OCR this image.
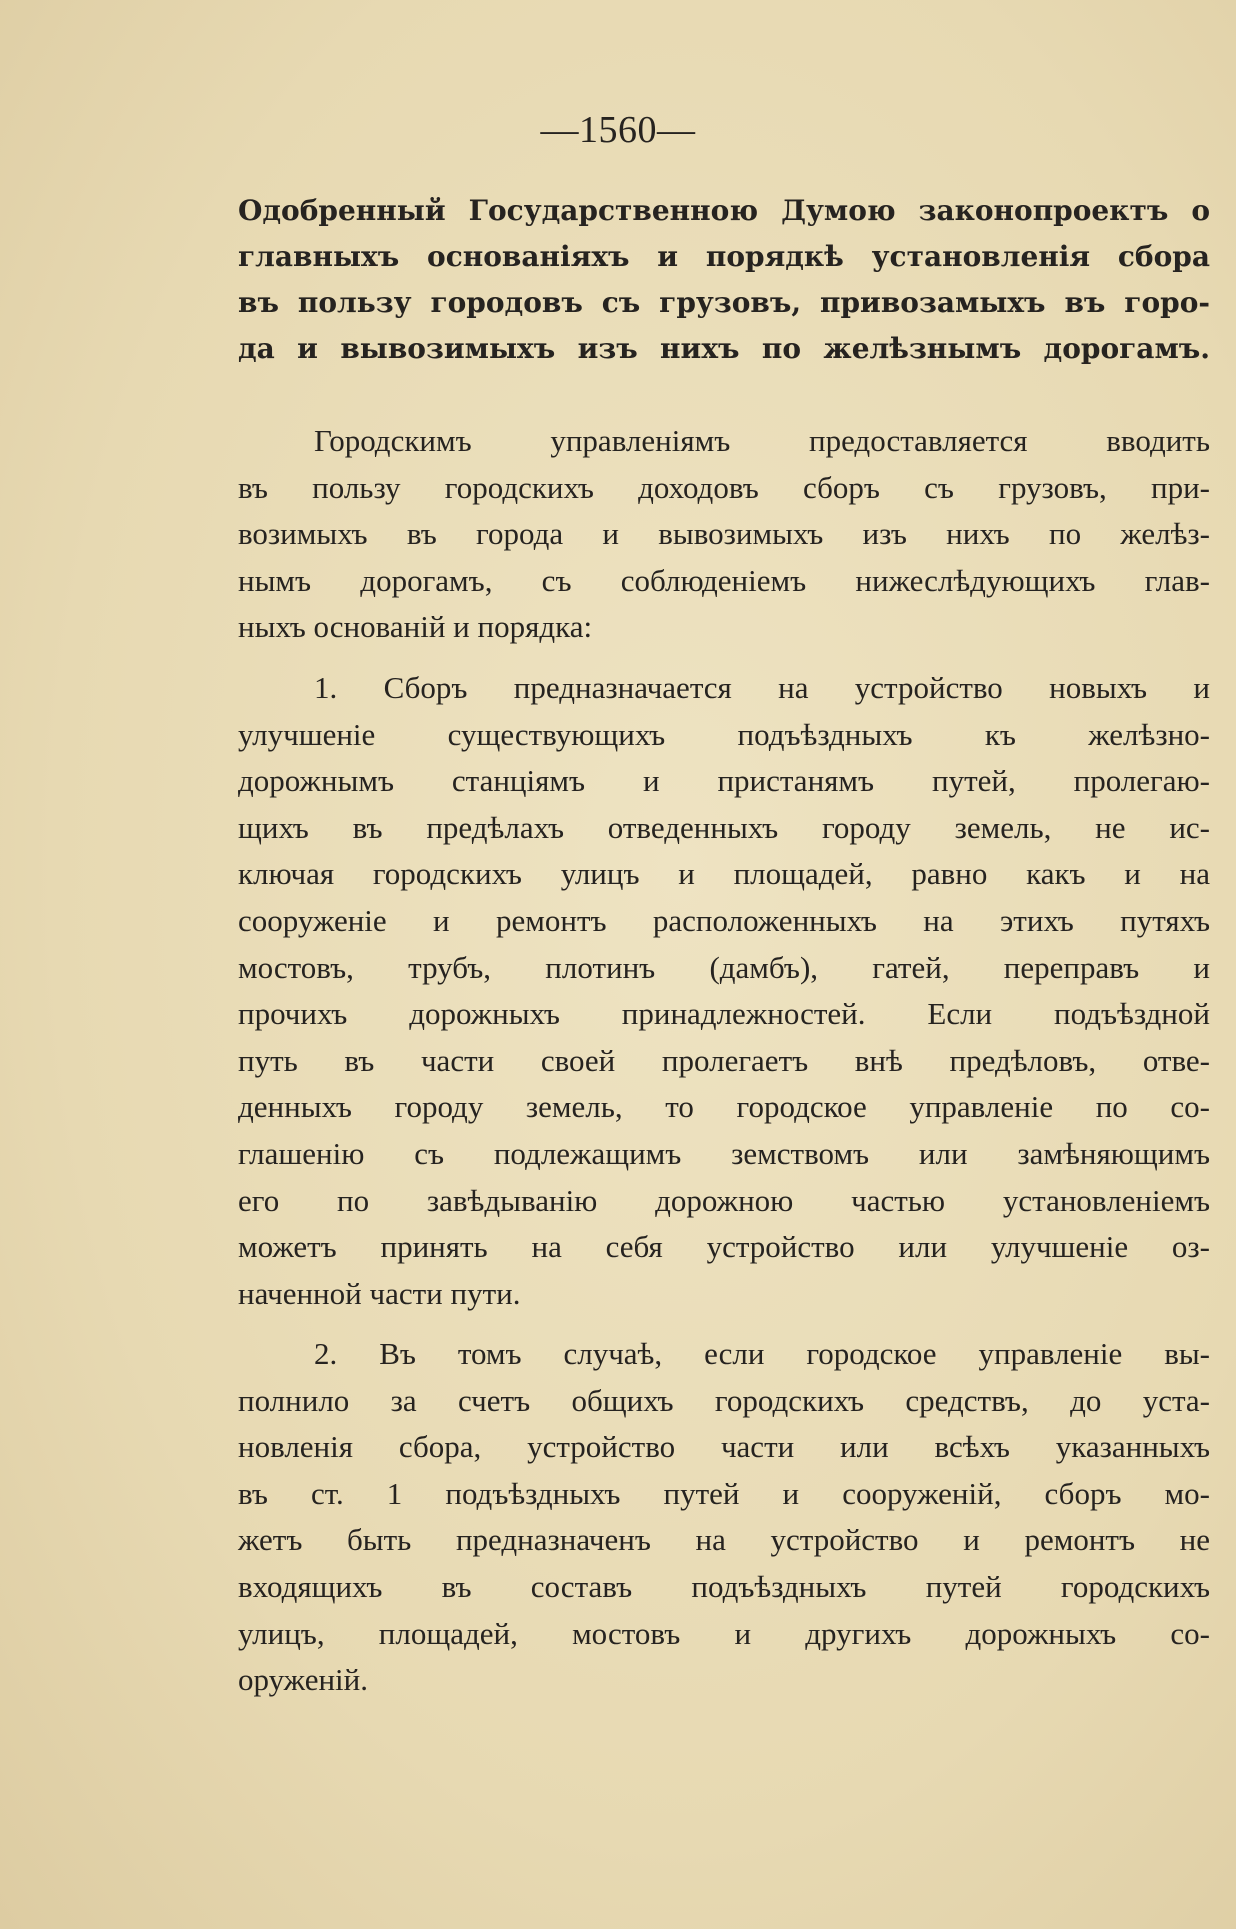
—1560—
Одобренный Государственною Думою законопроектъ о
главныхъ основаніяхъ и порядкѣ установленія сбора
въ пользу городовъ съ грузовъ, привозамыхъ въ горо-
да и вывозимыхъ изъ нихъ по желѣзнымъ дорогамъ.
Городскимъ управленіямъ предоставляется вводить
въ пользу городскихъ доходовъ сборъ съ грузовъ, при-
возимыхъ въ города и вывозимыхъ изъ нихъ по желѣз-
нымъ дорогамъ, съ соблюденіемъ нижеслѣдующихъ глав-
ныхъ основаній и порядка:
1. Сборъ предназначается на устройство новыхъ и
улучшеніе существующихъ подъѣздныхъ къ желѣзно-
дорожнымъ станціямъ и пристанямъ путей, пролегаю-
щихъ въ предѣлахъ отведенныхъ городу земель, не ис-
ключая городскихъ улицъ и площадей, равно какъ и на
сооруженіе и ремонтъ расположенныхъ на этихъ путяхъ
мостовъ, трубъ, плотинъ (дамбъ), гатей, переправъ и
прочихъ дорожныхъ принадлежностей. Если подъѣздной
путь въ части своей пролегаетъ внѣ предѣловъ, отве-
денныхъ городу земель, то городское управленіе по со-
глашенію съ подлежащимъ земствомъ или замѣняющимъ
его по завѣдыванію дорожною частью установленіемъ
можетъ принять на себя устройство или улучшеніе оз-
наченной части пути.
2. Въ томъ случаѣ, если городское управленіе вы-
полнило за счетъ общихъ городскихъ средствъ, до уста-
новленія сбора, устройство части или всѣхъ указанныхъ
въ ст. 1 подъѣздныхъ путей и сооруженій, сборъ мо-
жетъ быть предназначенъ на устройство и ремонтъ не
входящихъ въ составъ подъѣздныхъ путей городскихъ
улицъ, площадей, мостовъ и другихъ дорожныхъ со-
оруженій.
